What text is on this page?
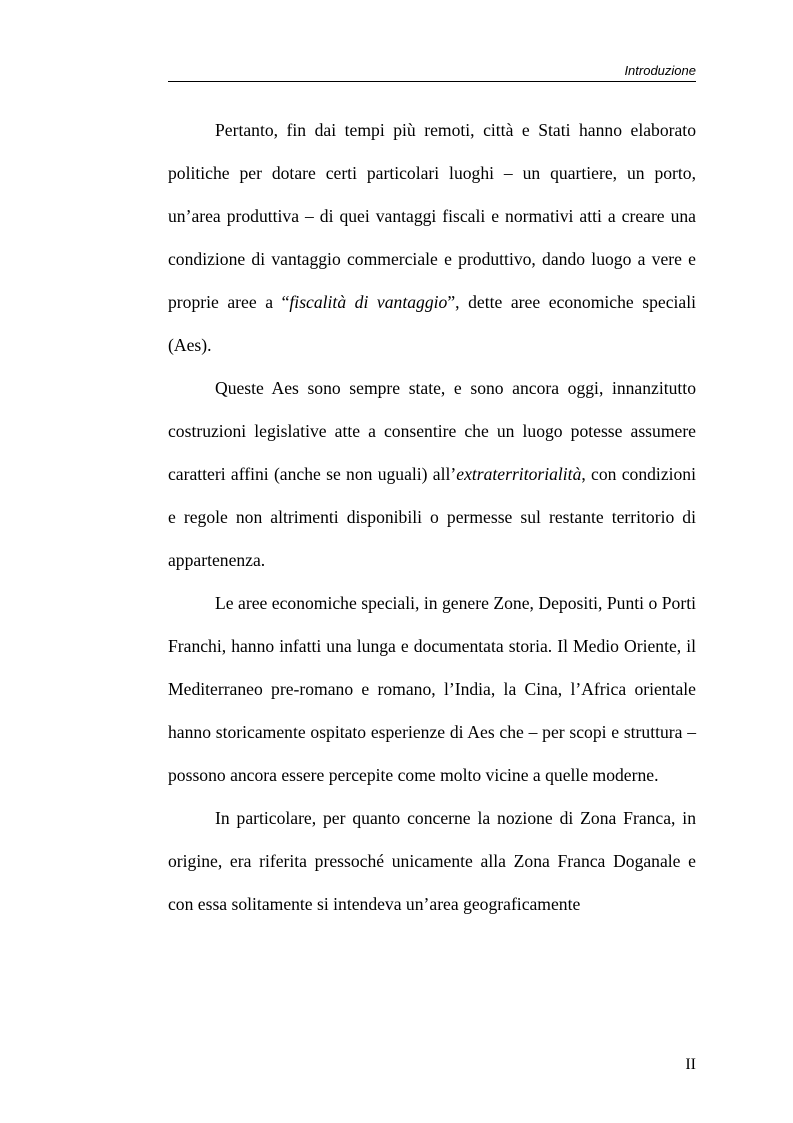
Introduzione

Pertanto, fin dai tempi più remoti, città e Stati hanno elaborato politiche per dotare certi particolari luoghi – un quartiere, un porto, un’area produttiva – di quei vantaggi fiscali e normativi atti a creare una condizione di vantaggio commerciale e produttivo, dando luogo a vere e proprie aree a “fiscalità di vantaggio”, dette aree economiche speciali (Aes).

Queste Aes sono sempre state, e sono ancora oggi, innanzitutto costruzioni legislative atte a consentire che un luogo potesse assumere caratteri affini (anche se non uguali) all’extraterritorialità, con condizioni e regole non altrimenti disponibili o permesse sul restante territorio di appartenenza.

Le aree economiche speciali, in genere Zone, Depositi, Punti o Porti Franchi, hanno infatti una lunga e documentata storia. Il Medio Oriente, il Mediterraneo pre-romano e romano, l’India, la Cina, l’Africa orientale hanno storicamente ospitato esperienze di Aes che – per scopi e struttura – possono ancora essere percepite come molto vicine a quelle moderne.

In particolare, per quanto concerne la nozione di Zona Franca, in origine, era riferita pressoché unicamente alla Zona Franca Doganale e con essa solitamente si intendeva un’area geograficamente

II
